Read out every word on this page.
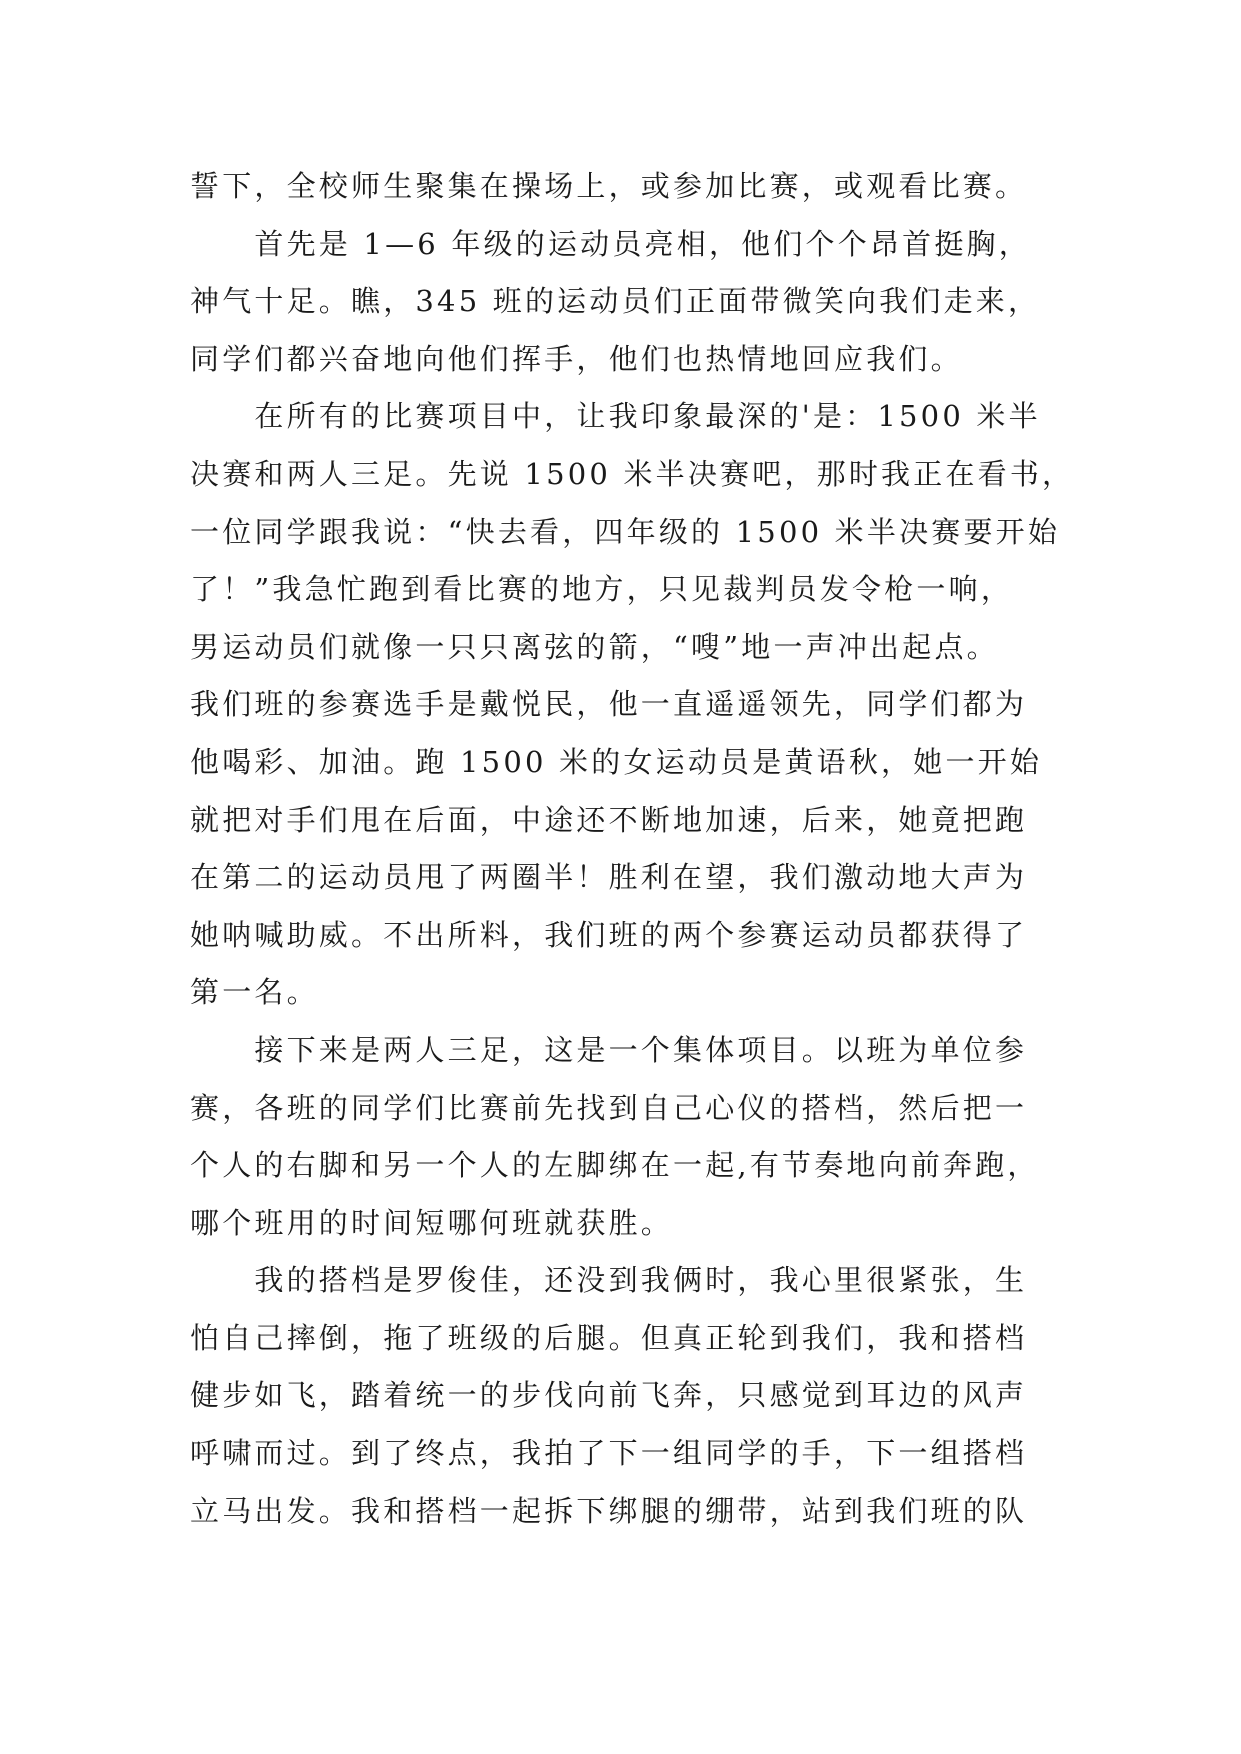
誓下，全校师生聚集在操场上，或参加比赛，或观看比赛。
　　首先是 1—6 年级的运动员亮相，他们个个昂首挺胸，
神气十足。瞧，345 班的运动员们正面带微笑向我们走来，
同学们都兴奋地向他们挥手，他们也热情地回应我们。
　　在所有的比赛项目中，让我印象最深的'是：1500 米半
决赛和两人三足。先说 1500 米半决赛吧，那时我正在看书，
一位同学跟我说：“快去看，四年级的 1500 米半决赛要开始
了！”我急忙跑到看比赛的地方，只见裁判员发令枪一响，
男运动员们就像一只只离弦的箭，“嗖”地一声冲出起点。
我们班的参赛选手是戴悦民，他一直遥遥领先，同学们都为
他喝彩、加油。跑 1500 米的女运动员是黄语秋，她一开始
就把对手们甩在后面，中途还不断地加速，后来，她竟把跑
在第二的运动员甩了两圈半！胜利在望，我们激动地大声为
她呐喊助威。不出所料，我们班的两个参赛运动员都获得了
第一名。
　　接下来是两人三足，这是一个集体项目。以班为单位参
赛，各班的同学们比赛前先找到自己心仪的搭档，然后把一
个人的右脚和另一个人的左脚绑在一起,有节奏地向前奔跑，
哪个班用的时间短哪何班就获胜。
　　我的搭档是罗俊佳，还没到我俩时，我心里很紧张，生
怕自己摔倒，拖了班级的后腿。但真正轮到我们，我和搭档
健步如飞，踏着统一的步伐向前飞奔，只感觉到耳边的风声
呼啸而过。到了终点，我拍了下一组同学的手，下一组搭档
立马出发。我和搭档一起拆下绑腿的绷带，站到我们班的队
